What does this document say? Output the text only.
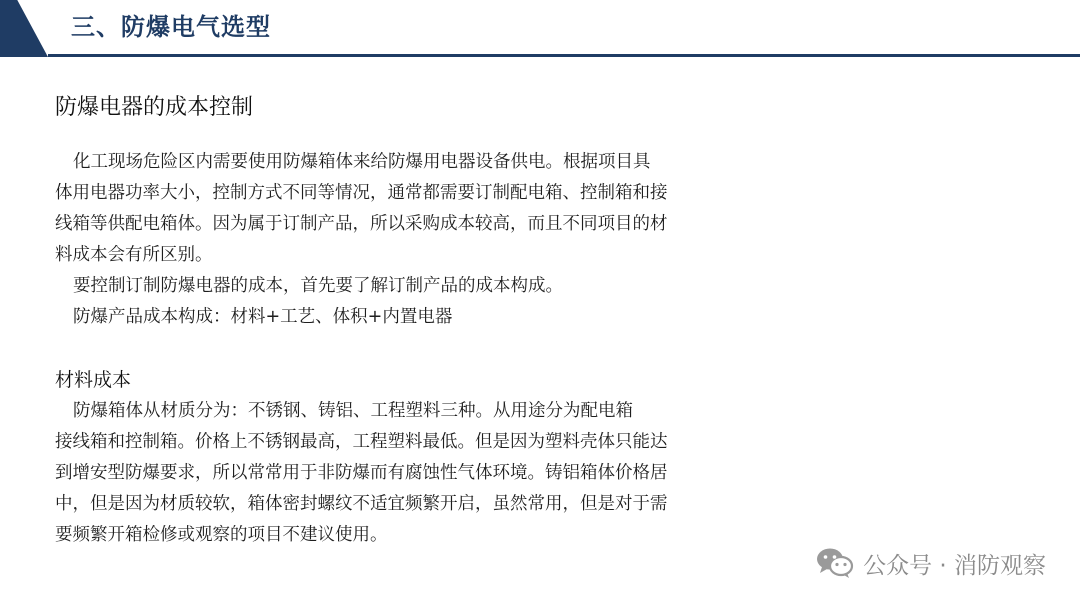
三、防爆电气选型
防爆电器的成本控制
化工现场危险区内需要使用防爆箱体来给防爆用电器设备供电。根据项目具
体用电器功率大小，控制方式不同等情况，通常都需要订制配电箱、控制箱和接
线箱等供配电箱体。因为属于订制产品，所以采购成本较高，而且不同项目的材
料成本会有所区别。
要控制订制防爆电器的成本，首先要了解订制产品的成本构成。
防爆产品成本构成：材料+工艺、体积+内置电器
材料成本
防爆箱体从材质分为：不锈钢、铸铝、工程塑料三种。从用途分为配电箱
接线箱和控制箱。价格上不锈钢最高，工程塑料最低。但是因为塑料壳体只能达
到增安型防爆要求，所以常常用于非防爆而有腐蚀性气体环境。铸铝箱体价格居
中，但是因为材质较软，箱体密封螺纹不适宜频繁开启，虽然常用，但是对于需
要频繁开箱检修或观察的项目不建议使用。
公众号 · 消防观察
